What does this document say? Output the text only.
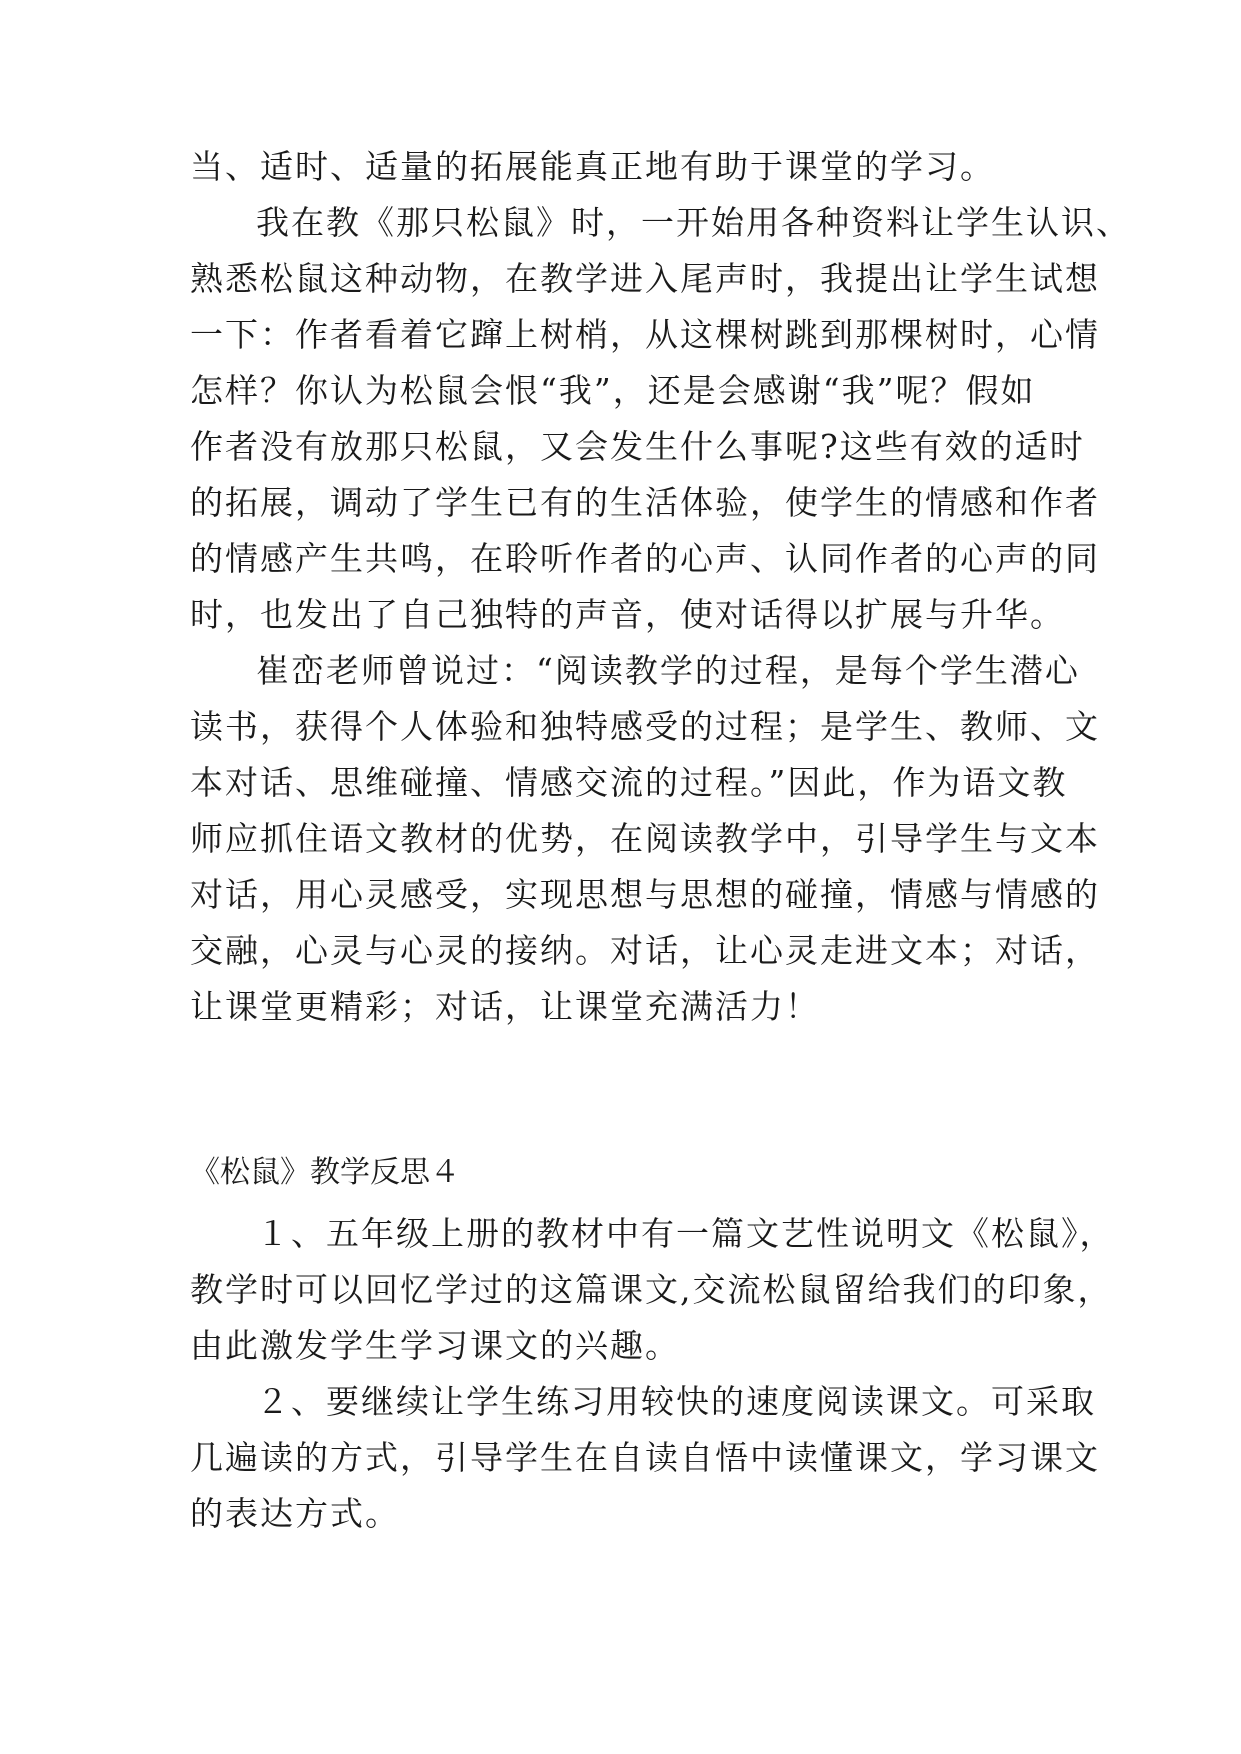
当、适时、适量的拓展能真正地有助于课堂的学习。
我在教《那只松鼠》时，一开始用各种资料让学生认识、
熟悉松鼠这种动物，在教学进入尾声时，我提出让学生试想
一下：作者看着它蹿上树梢，从这棵树跳到那棵树时，心情
怎样？你认为松鼠会恨“我”，还是会感谢“我”呢？假如
作者没有放那只松鼠，又会发生什么事呢?这些有效的适时
的拓展，调动了学生已有的生活体验，使学生的情感和作者
的情感产生共鸣，在聆听作者的心声、认同作者的心声的同
时，也发出了自己独特的声音，使对话得以扩展与升华。
崔峦老师曾说过：“阅读教学的过程，是每个学生潜心
读书，获得个人体验和独特感受的过程；是学生、教师、文
本对话、思维碰撞、情感交流的过程。”因此，作为语文教
师应抓住语文教材的优势，在阅读教学中，引导学生与文本
对话，用心灵感受，实现思想与思想的碰撞，情感与情感的
交融，心灵与心灵的接纳。对话，让心灵走进文本；对话，
让课堂更精彩；对话，让课堂充满活力！
《松鼠》教学反思４
１、五年级上册的教材中有一篇文艺性说明文《松鼠》，
教学时可以回忆学过的这篇课文,交流松鼠留给我们的印象，
由此激发学生学习课文的兴趣。
２、要继续让学生练习用较快的速度阅读课文。可采取
几遍读的方式，引导学生在自读自悟中读懂课文，学习课文
的表达方式。
